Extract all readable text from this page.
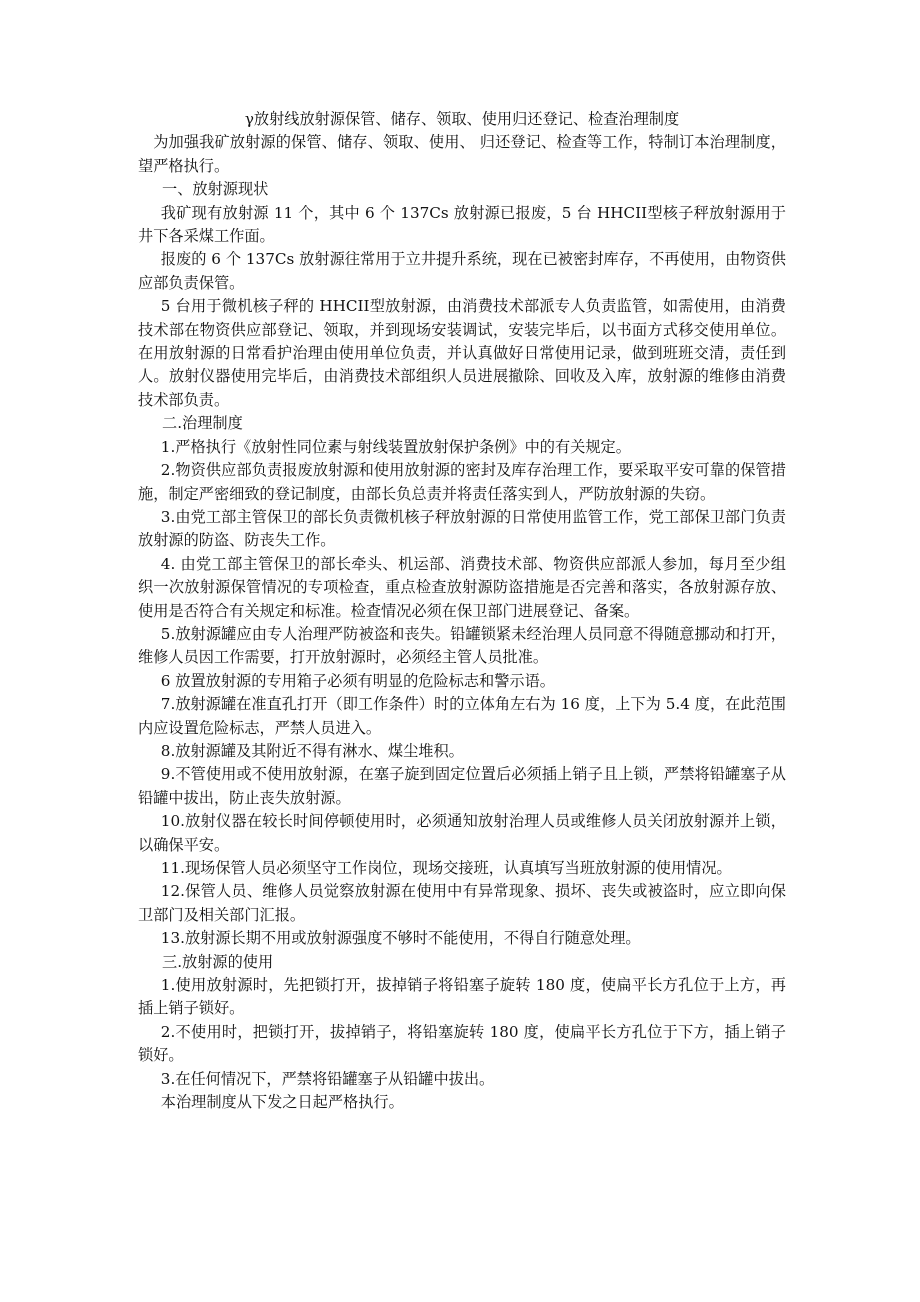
γ放射线放射源保管、储存、领取、使用归还登记、检查治理制度

为加强我矿放射源的保管、储存、领取、使用、 归还登记、检查等工作，特制订本治理制度，望严格执行。

一、放射源现状

我矿现有放射源 11 个，其中 6 个 137Cs 放射源已报废，5 台 HHCII型核子秤放射源用于井下各采煤工作面。

报废的 6 个 137Cs 放射源往常用于立井提升系统，现在已被密封库存，不再使用，由物资供应部负责保管。

5 台用于微机核子秤的 HHCII型放射源，由消费技术部派专人负责监管，如需使用，由消费技术部在物资供应部登记、领取，并到现场安装调试，安装完毕后，以书面方式移交使用单位。在用放射源的日常看护治理由使用单位负责，并认真做好日常使用记录，做到班班交清，责任到人。放射仪器使用完毕后，由消费技术部组织人员进展撤除、回收及入库，放射源的维修由消费技术部负责。

二.治理制度

1.严格执行《放射性同位素与射线装置放射保护条例》中的有关规定。

2.物资供应部负责报废放射源和使用放射源的密封及库存治理工作，要采取平安可靠的保管措施，制定严密细致的登记制度，由部长负总责并将责任落实到人，严防放射源的失窃。

3.由党工部主管保卫的部长负责微机核子秤放射源的日常使用监管工作，党工部保卫部门负责放射源的防盗、防丧失工作。

4. 由党工部主管保卫的部长牵头、机运部、消费技术部、物资供应部派人参加，每月至少组织一次放射源保管情况的专项检查，重点检查放射源防盗措施是否完善和落实，各放射源存放、使用是否符合有关规定和标准。检查情况必须在保卫部门进展登记、备案。

5.放射源罐应由专人治理严防被盗和丧失。铅罐锁紧未经治理人员同意不得随意挪动和打开，维修人员因工作需要，打开放射源时，必须经主管人员批准。

6 放置放射源的专用箱子必须有明显的危险标志和警示语。

7.放射源罐在准直孔打开（即工作条件）时的立体角左右为 16 度，上下为 5.4 度，在此范围内应设置危险标志，严禁人员进入。

8.放射源罐及其附近不得有淋水、煤尘堆积。

9.不管使用或不使用放射源，在塞子旋到固定位置后必须插上销子且上锁，严禁将铅罐塞子从铅罐中拔出，防止丧失放射源。

10.放射仪器在较长时间停顿使用时，必须通知放射治理人员或维修人员关闭放射源并上锁，以确保平安。

11.现场保管人员必须坚守工作岗位，现场交接班，认真填写当班放射源的使用情况。

12.保管人员、维修人员觉察放射源在使用中有异常现象、损坏、丧失或被盗时，应立即向保卫部门及相关部门汇报。

13.放射源长期不用或放射源强度不够时不能使用，不得自行随意处理。

三.放射源的使用

1.使用放射源时，先把锁打开，拔掉销子将铅塞子旋转 180 度，使扁平长方孔位于上方，再插上销子锁好。

2.不使用时，把锁打开，拔掉销子，将铅塞旋转 180 度，使扁平长方孔位于下方，插上销子锁好。

3.在任何情况下，严禁将铅罐塞子从铅罐中拔出。

本治理制度从下发之日起严格执行。
